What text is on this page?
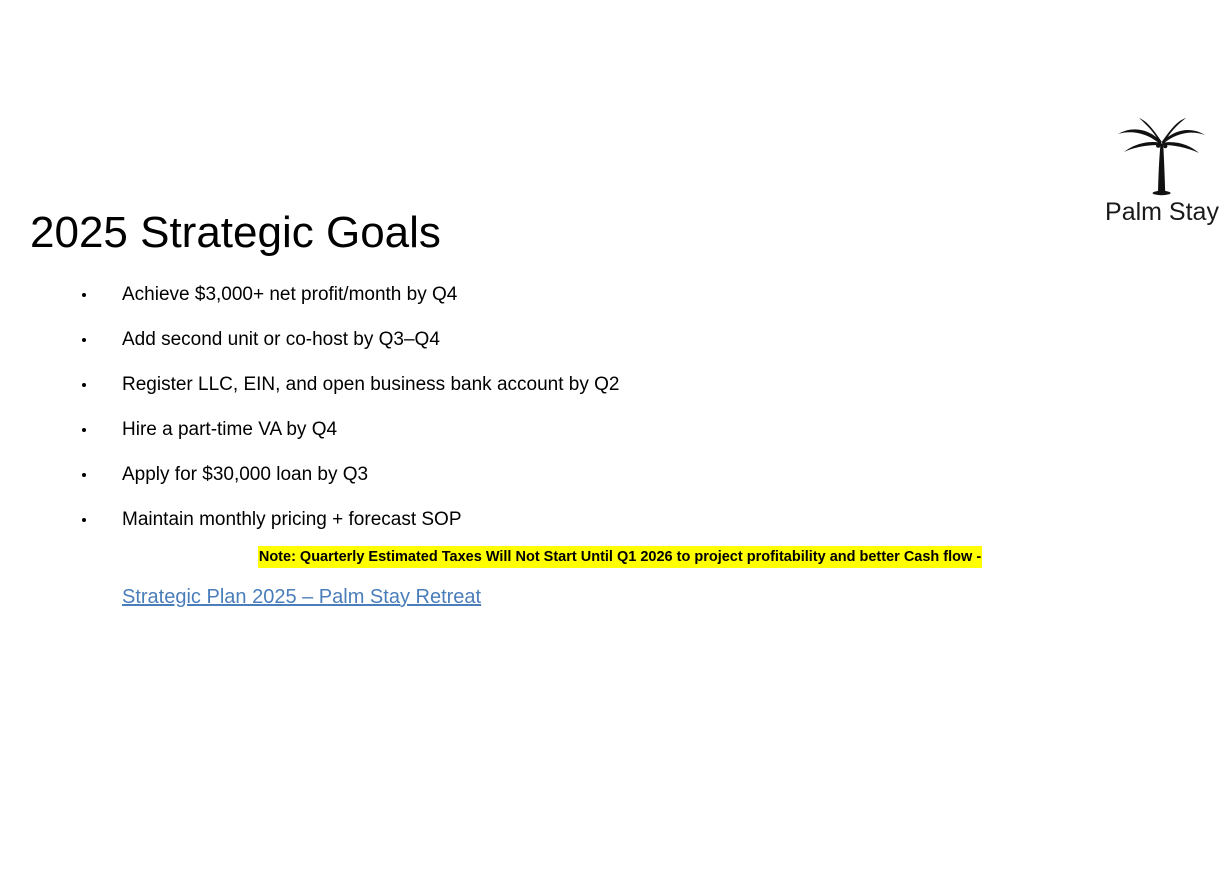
Palm Stay
2025 Strategic Goals
Achieve $3,000+ net profit/month by Q4
Add second unit or co-host by Q3–Q4
Register LLC, EIN, and open business bank account by Q2
Hire a part-time VA by Q4
Apply for $30,000 loan by Q3
Maintain monthly pricing + forecast SOP
Note: Quarterly Estimated Taxes Will Not Start Until Q1 2026 to project profitability and better Cash flow -
Strategic Plan 2025 – Palm Stay Retreat
